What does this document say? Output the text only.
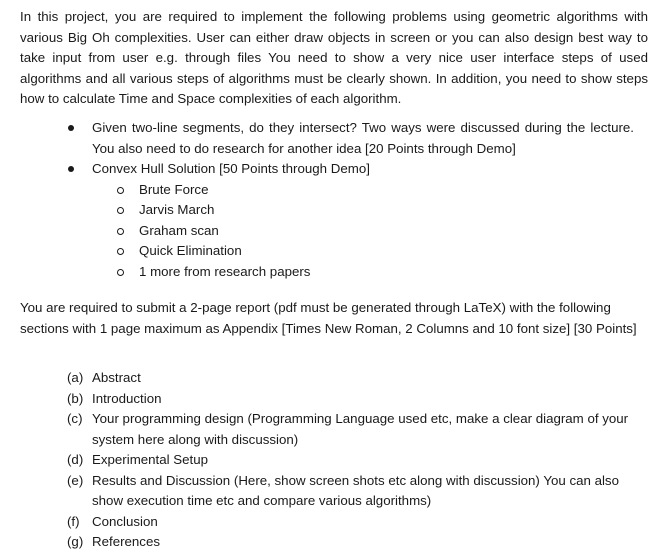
In this project, you are required to implement the following problems using geometric algorithms with various Big Oh complexities. User can either draw objects in screen or you can also design best way to take input from user e.g. through files You need to show a very nice user interface steps of used algorithms and all various steps of algorithms must be clearly shown. In addition, you need to show steps how to calculate Time and Space complexities of each algorithm.

Given two-line segments, do they intersect? Two ways were discussed during the lecture. You also need to do research for another idea [20 Points through Demo]
Convex Hull Solution [50 Points through Demo]
Brute Force
Jarvis March
Graham scan
Quick Elimination
1 more from research papers

You are required to submit a 2-page report (pdf must be generated through LaTeX) with the following sections with 1 page maximum as Appendix [Times New Roman, 2 Columns and 10 font size] [30 Points]

(a) Abstract
(b) Introduction
(c) Your programming design (Programming Language used etc, make a clear diagram of your system here along with discussion)
(d) Experimental Setup
(e) Results and Discussion (Here, show screen shots etc along with discussion) You can also show execution time etc and compare various algorithms)
(f) Conclusion
(g) References
